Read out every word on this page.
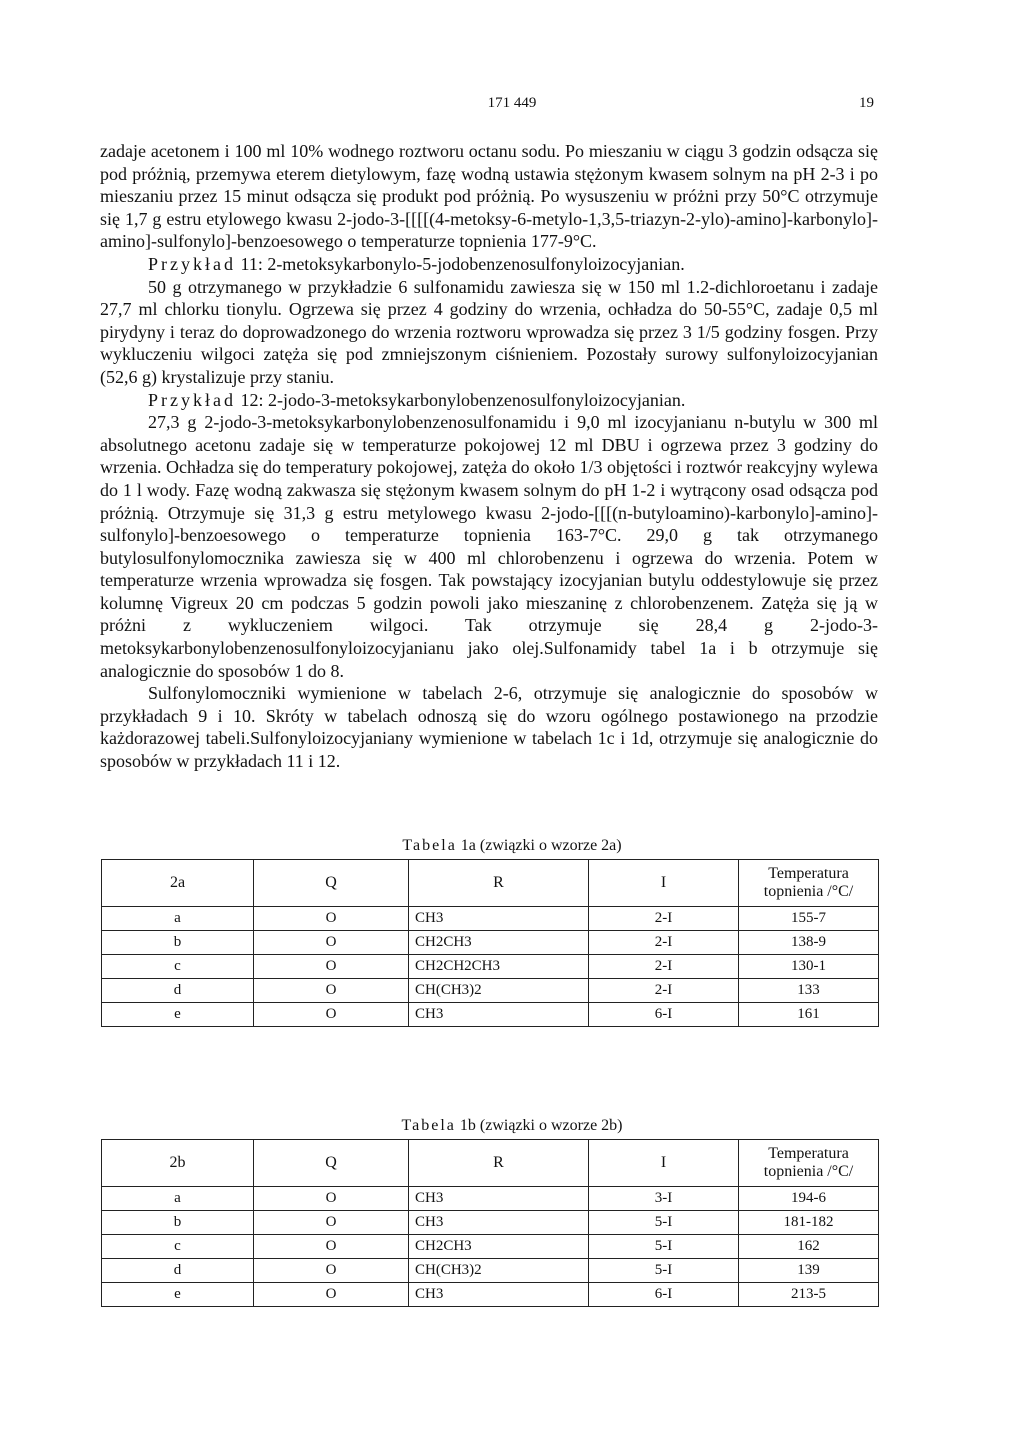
171 449	19

zadaje acetonem i 100 ml 10% wodnego roztworu octanu sodu. Po mieszaniu w ciągu 3 godzin odsącza się pod próżnią, przemywa eterem dietylowym, fazę wodną ustawia stężonym kwasem solnym na pH 2-3 i po mieszaniu przez 15 minut odsącza się produkt pod próżnią. Po wysuszeniu w próżni przy 50°C otrzymuje się 1,7 g estru etylowego kwasu 2-jodo-3-[[[[(4-metoksy-6-metylo-1,3,5-triazyn-2-ylo)-amino]-karbonylo]-amino]-sulfonylo]-benzoesowego o temperaturze topnienia 177-9°C.

Przykład 11: 2-metoksykarbonylo-5-jodobenzenosulfonyloizocyjanian.

50 g otrzymanego w przykładzie 6 sulfonamidu zawiesza się w 150 ml 1.2-dichloroetanu i zadaje 27,7 ml chlorku tionylu. Ogrzewa się przez 4 godziny do wrzenia, ochładza do 50-55°C, zadaje 0,5 ml pirydyny i teraz do doprowadzonego do wrzenia roztworu wprowadza się przez 3 1/5 godziny fosgen. Przy wykluczeniu wilgoci zatęża się pod zmniejszonym ciśnieniem. Pozostały surowy sulfonyloizocyjanian (52,6 g) krystalizuje przy staniu.

Przykład 12: 2-jodo-3-metoksykarbonylobenzenosulfonyloizocyjanian.

27,3 g 2-jodo-3-metoksykarbonylobenzenosulfonamidu i 9,0 ml izocyjanianu n-butylu w 300 ml absolutnego acetonu zadaje się w temperaturze pokojowej 12 ml DBU i ogrzewa przez 3 godziny do wrzenia. Ochładza się do temperatury pokojowej, zatęża do około 1/3 objętości i roztwór reakcyjny wylewa do 1 l wody. Fazę wodną zakwasza się stężonym kwasem solnym do pH 1-2 i wytrącony osad odsącza pod próżnią. Otrzymuje się 31,3 g estru metylowego kwasu 2-jodo-[[[(n-butyloamino)-karbonylo]-amino]-sulfonylo]-benzoesowego o temperaturze topnienia 163-7°C. 29,0 g tak otrzymanego butylosulfonylomocznika zawiesza się w 400 ml chlorobenzenu i ogrzewa do wrzenia. Potem w temperaturze wrzenia wprowadza się fosgen. Tak powstający izocyjanian butylu oddestylowuje się przez kolumnę Vigreux 20 cm podczas 5 godzin powoli jako mieszaninę z chlorobenzenem. Zatęża się ją w próżni z wykluczeniem wilgoci. Tak otrzymuje się 28,4 g 2-jodo-3-metoksykarbonylobenzenosulfonyloizocyjanianu jako olej.Sulfonamidy tabel 1a i b otrzymuje się analogicznie do sposobów 1 do 8.

Sulfonylomoczniki wymienione w tabelach 2-6, otrzymuje się analogicznie do sposobów w przykładach 9 i 10. Skróty w tabelach odnoszą się do wzoru ogólnego postawionego na przodzie każdorazowej tabeli.Sulfonyloizocyjaniany wymienione w tabelach 1c i 1d, otrzymuje się analogicznie do sposobów w przykładach 11 i 12.

Tabela 1a (związki o wzorze 2a)
2a	Q	R	I	Temperatura
topnienia /°C/
a	O	CH3	2-I	155-7
b	O	CH2CH3	2-I	138-9
c	O	CH2CH2CH3	2-I	130-1
d	O	CH(CH3)2	2-I	133
e	O	CH3	6-I	161
Tabela 1b (związki o wzorze 2b)
2b	Q	R	I	Temperatura
topnienia /°C/
a	O	CH3	3-I	194-6
b	O	CH3	5-I	181-182
c	O	CH2CH3	5-I	162
d	O	CH(CH3)2	5-I	139
e	O	CH3	6-I	213-5
